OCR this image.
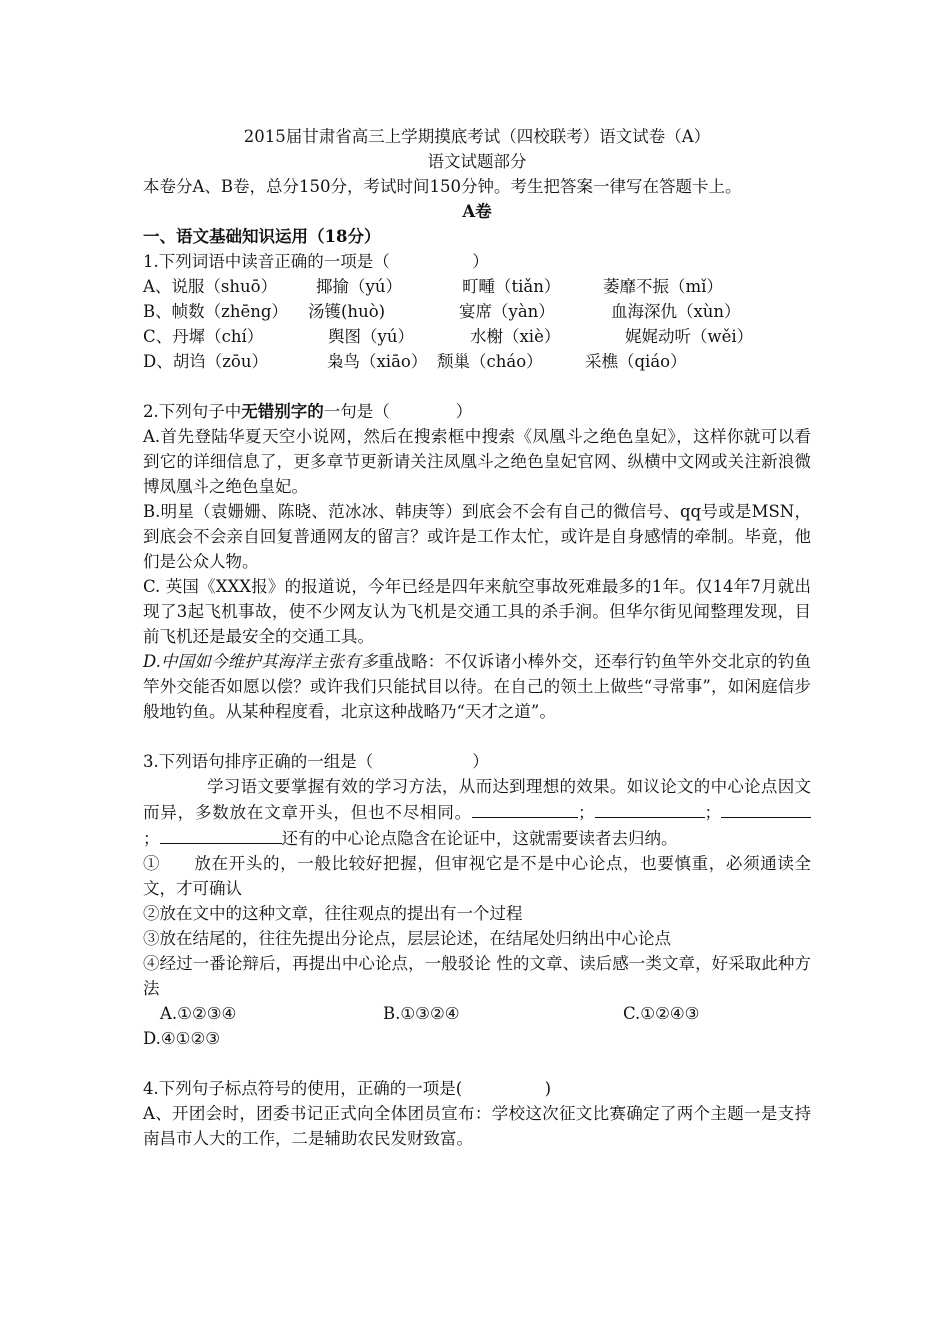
2015届甘肃省高三上学期摸底考试（四校联考）语文试卷（A）
语文试题部分
本卷分A、B卷，总分150分，考试时间150分钟。考生把答案一律写在答题卡上。
A卷
一、语文基础知识运用（18分）
1.下列词语中读音正确的一项是（　　　　　）
A、说服（shuō）	揶揄（yú）	町畽（tiǎn）	萎靡不振（mǐ）
B、帧数（zhēng）	汤镬(huò)	宴席（yàn）	血海深仇（xùn）
C、丹墀（chí）	舆图（yú）	水榭（xiè）	娓娓动听（wěi）
D、胡诌（zōu）	枭鸟（xiāo） 颓巢（cháo）	采樵（qiáo）
2.下列句子中无错别字的一句是（　　　　）
A.首先登陆华夏天空小说网，然后在搜索框中搜索《凤凰斗之绝色皇妃》，这样你就可以看到它的详细信息了，更多章节更新请关注凤凰斗之绝色皇妃官网、纵横中文网或关注新浪微博凤凰斗之绝色皇妃。
B.明星（袁姗姗、陈晓、范冰冰、韩庚等）到底会不会有自己的微信号、qq号或是MSN，到底会不会亲自回复普通网友的留言？或许是工作太忙，或许是自身感情的牵制。毕竟，他们是公众人物。
C. 英国《XXX报》的报道说，今年已经是四年来航空事故死难最多的1年。仅14年7月就出现了3起飞机事故，使不少网友认为飞机是交通工具的杀手涧。但华尔街见闻整理发现，目前飞机还是最安全的交通工具。
D.中国如今维护其海洋主张有多重战略：不仅诉诸小棒外交，还奉行钓鱼竿外交北京的钓鱼竿外交能否如愿以偿？或许我们只能拭目以待。在自己的领土上做些“寻常事”，如闲庭信步般地钓鱼。从某种程度看，北京这种战略乃“天才之道”。
3.下列语句排序正确的一组是（　　　　　　）
学习语文要掌握有效的学习方法，从而达到理想的效果。如议论文的中心论点因文而异，多数放在文章开头，但也不尽相同。	；	；；	还有的中心论点隐含在论证中，这就需要读者去归纳。
①　　放在开头的，一般比较好把握，但审视它是不是中心论点，也要慎重，必须通读全文，才可确认
②放在文中的这种文章，往往观点的提出有一个过程
③放在结尾的，往往先提出分论点，层层论述，在结尾处归纳出中心论点
④经过一番论辩后，再提出中心论点，一般驳论 性的文章、读后感一类文章，好采取此种方法
A.①②③④	B.①③②④	C.①②④③
D.④①②③
4.下列句子标点符号的使用，正确的一项是(　　　　　)
A、开团会时，团委书记正式向全体团员宣布：学校这次征文比赛确定了两个主题一是支持南昌市人大的工作，二是辅助农民发财致富。
